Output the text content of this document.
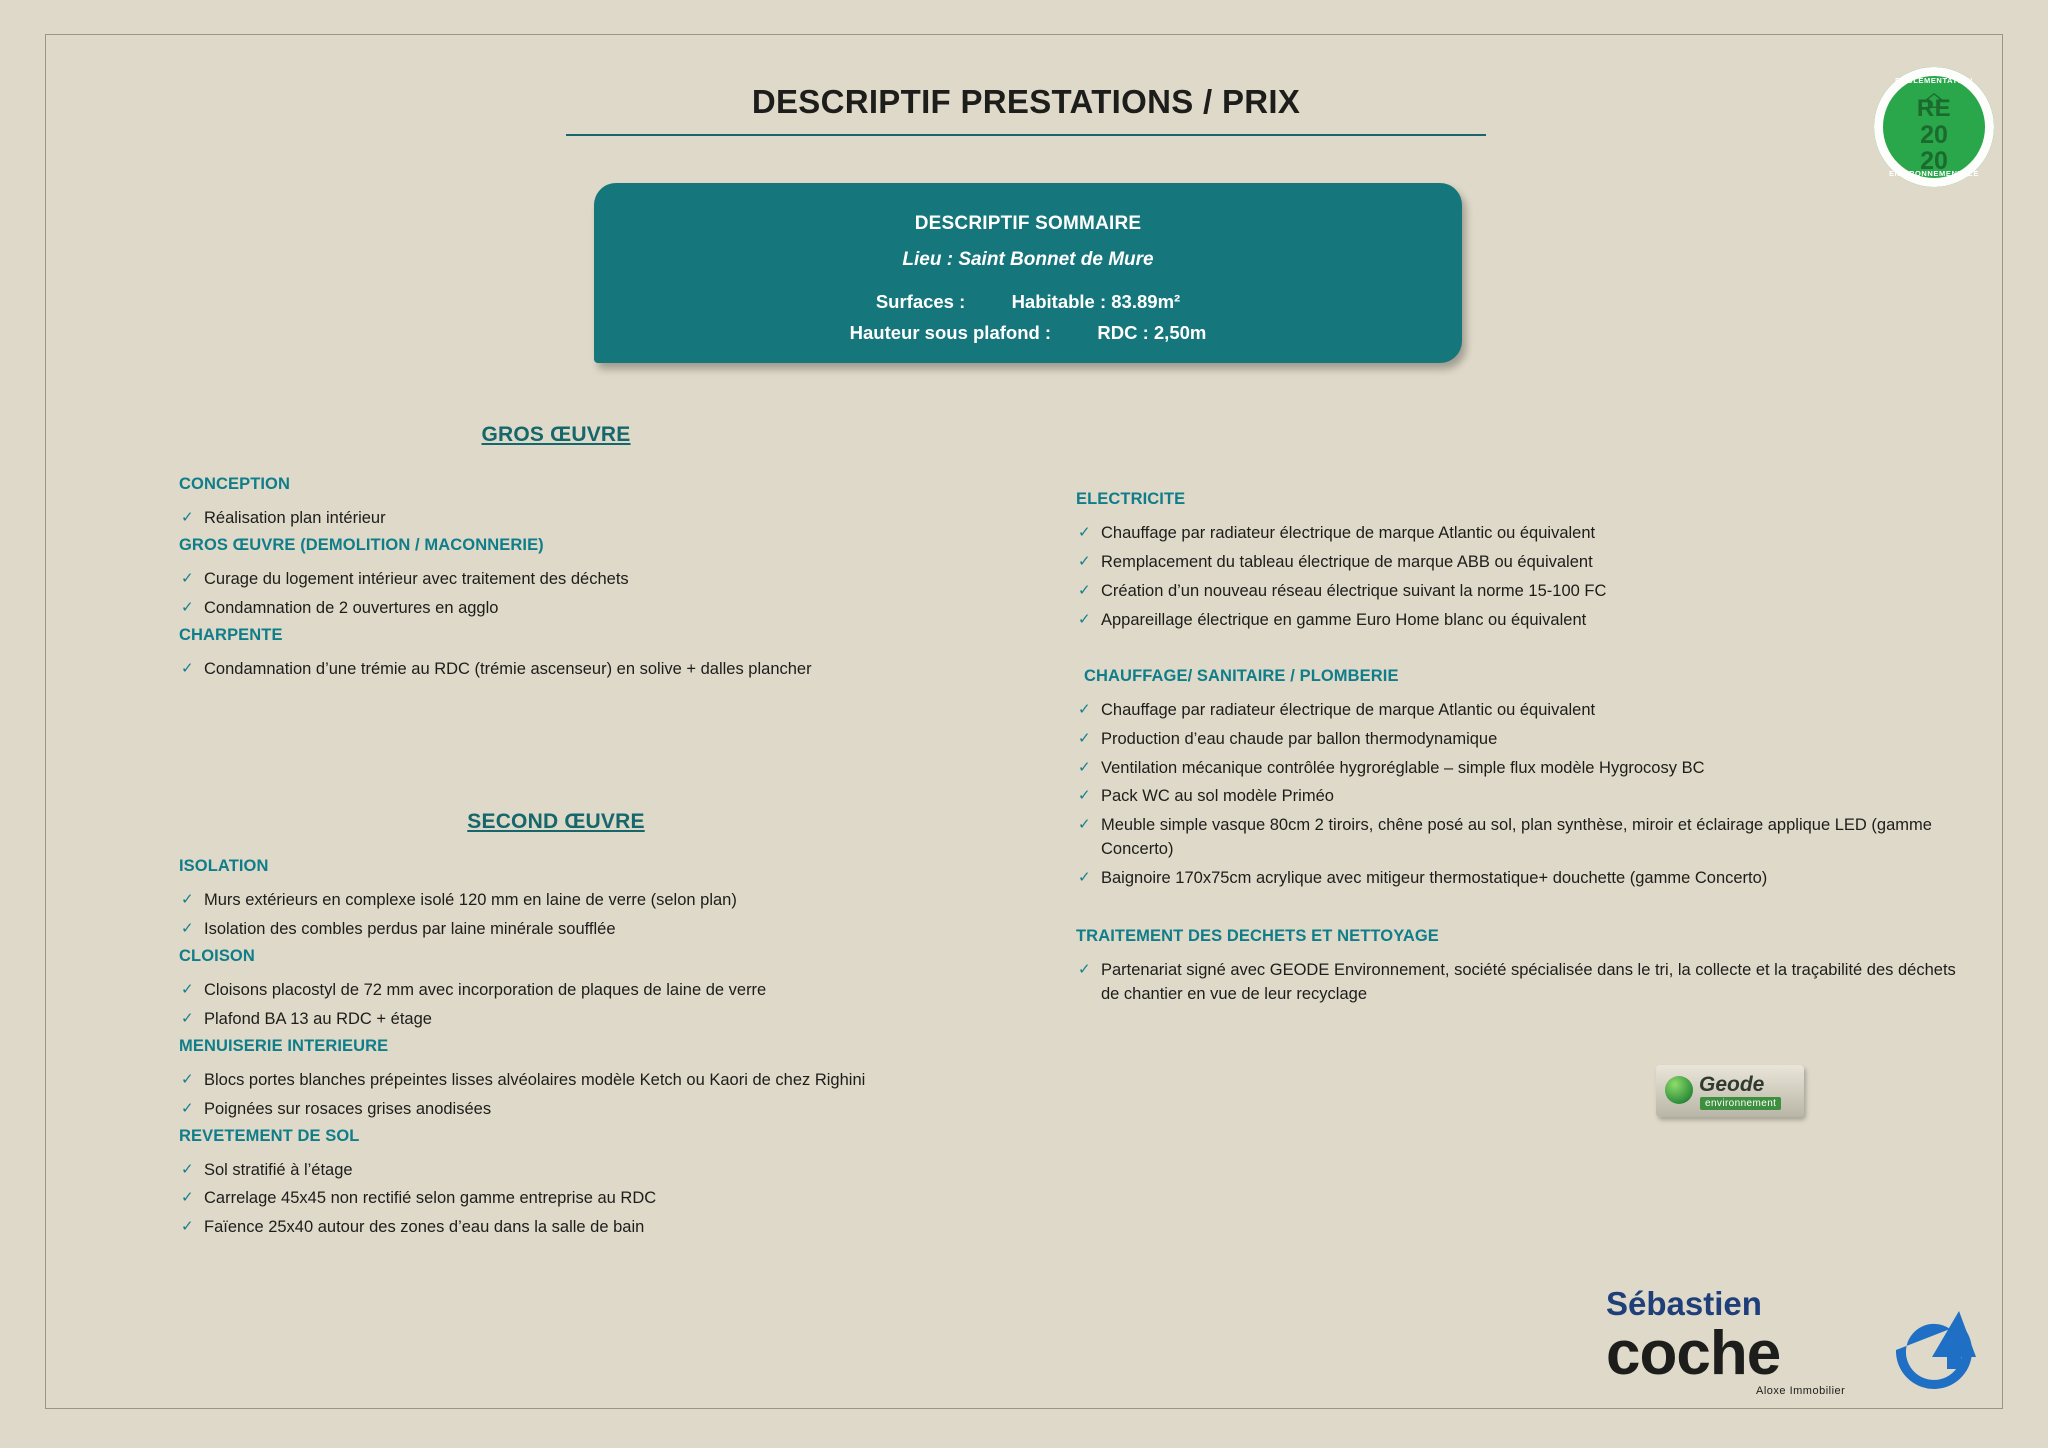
DESCRIPTIF PRESTATIONS / PRIX
RÉGLEMENTATION
RE
20
20
ENVIRONNEMENTALE
DESCRIPTIF SOMMAIRE
Lieu : Saint Bonnet de Mure
Surfaces :	Habitable : 83.89m²
Hauteur sous plafond :	RDC : 2,50m
GROS ŒUVRE
SECOND ŒUVRE
CONCEPTION
✓ Réalisation plan intérieur
GROS ŒUVRE (DEMOLITION / MACONNERIE)
✓ Curage du logement intérieur avec traitement des déchets
✓ Condamnation de 2 ouvertures en agglo
CHARPENTE
✓ Condamnation d’une trémie au RDC (trémie ascenseur) en solive + dalles plancher
ISOLATION
✓ Murs extérieurs en complexe isolé 120 mm en laine de verre (selon plan)
✓ Isolation des combles perdus par laine minérale soufflée
CLOISON
✓ Cloisons placostyl de 72 mm avec incorporation de plaques de laine de verre
✓ Plafond BA 13 au RDC + étage
MENUISERIE INTERIEURE
✓ Blocs portes blanches prépeintes lisses alvéolaires modèle Ketch ou Kaori de chez Righini
✓ Poignées sur rosaces grises anodisées
REVETEMENT DE SOL
✓ Sol stratifié à l’étage
✓ Carrelage 45x45 non rectifié selon gamme entreprise au RDC
✓ Faïence 25x40 autour des zones d’eau dans la salle de bain
ELECTRICITE
✓ Chauffage par radiateur électrique de marque Atlantic ou équivalent
✓ Remplacement du tableau électrique de marque ABB ou équivalent
✓ Création d’un nouveau réseau électrique suivant la norme 15-100 FC
✓ Appareillage électrique en gamme Euro Home blanc ou équivalent
CHAUFFAGE/ SANITAIRE / PLOMBERIE
✓ Chauffage par radiateur électrique de marque Atlantic ou équivalent
✓ Production d’eau chaude par ballon thermodynamique
✓ Ventilation mécanique contrôlée hygroréglable – simple flux modèle Hygrocosy BC
✓ Pack WC au sol modèle Priméo
✓ Meuble simple vasque 80cm 2 tiroirs, chêne posé au sol, plan synthèse, miroir et éclairage applique LED (gamme Concerto)
✓ Baignoire 170x75cm acrylique avec mitigeur thermostatique+ douchette (gamme Concerto)
TRAITEMENT DES DECHETS ET NETTOYAGE
✓ Partenariat signé avec GEODE Environnement, société spécialisée dans le tri, la collecte et la traçabilité des déchets de chantier en vue de leur recyclage
Geode
environnement
Sébastien
coche
Aloxe Immobilier
